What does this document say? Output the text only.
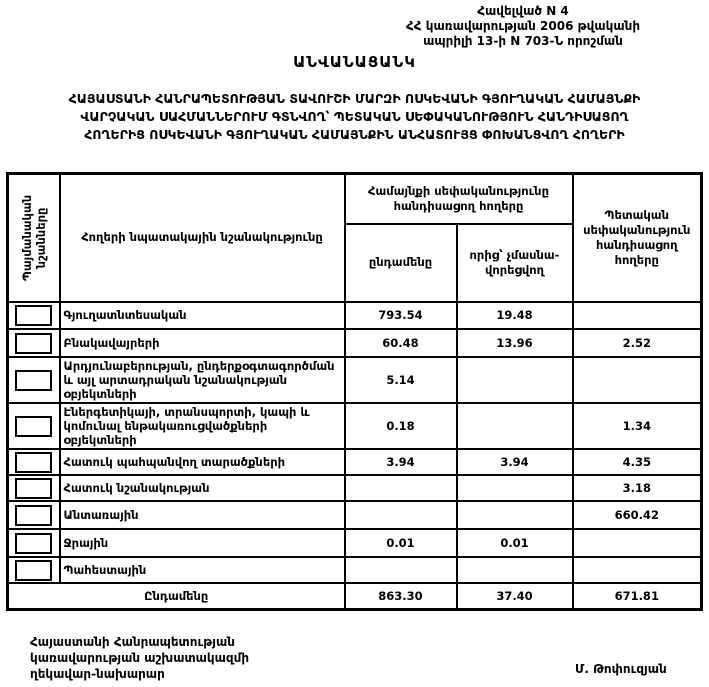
Հավելված N 4
ՀՀ կառավարության 2006 թվականի
ապրիլի 13-ի N 703-Ն որոշման
ԱՆՎԱՆԱՑԱՆԿ
ՀԱՅԱՍՏԱՆԻ ՀԱՆՐԱՊԵՏՈՒԹՅԱՆ ՏԱՎՈՒՇԻ ՄԱՐԶԻ ՈՍԿԵՎԱՆԻ ԳՅՈՒՂԱԿԱՆ ՀԱՄԱՅՆՔԻ
ՎԱՐՉԱԿԱՆ ՍԱՀՄԱՆՆԵՐՈՒՄ ԳՏՆՎՈՂ՝ ՊԵՏԱԿԱՆ ՍԵՓԱԿԱՆՈՒԹՅՈՒՆ ՀԱՆԴԻՍԱՑՈՂ
ՀՈՂԵՐԻՑ ՈՍԿԵՎԱՆԻ ԳՅՈՒՂԱԿԱՆ ՀԱՄԱՅՆՔԻՆ ԱՆՀԱՏՈՒՅՑ ՓՈԽԱՆՑՎՈՂ ՀՈՂԵՐԻ
Պայմանական նշանները	Հողերի նպատակային նշանակությունը	Համայնքի սեփականությունը հանդիսացող հողերը		Պետական սեփականություն հանդիսացող հողերը
		ընդամենը	որից՝ չմասնա-վորեցվող	

	Գյուղատնտեսական	793.54	19.48	

	Բնակավայրերի	60.48	13.96	2.52

	Արդյունաբերության, ընդերքօգտագործման և այլ արտադրական նշանակության օբյեկտների	5.14		

	Էներգետիկայի, տրանսպորտի, կապի և կոմունալ ենթակառուցվածքների օբյեկտների	0.18		1.34

	Հատուկ պահպանվող տարածքների	3.94	3.94	4.35

	Հատուկ նշանակության			3.18

	Անտառային			660.42

	Ջրային	0.01	0.01	

	Պահեստային			
Ընդամենը		863.30	37.40	671.81
Հայաստանի Հանրապետության
կառավարության աշխատակազմի
ղեկավար-նախարար	Մ. Թոփուզյան
